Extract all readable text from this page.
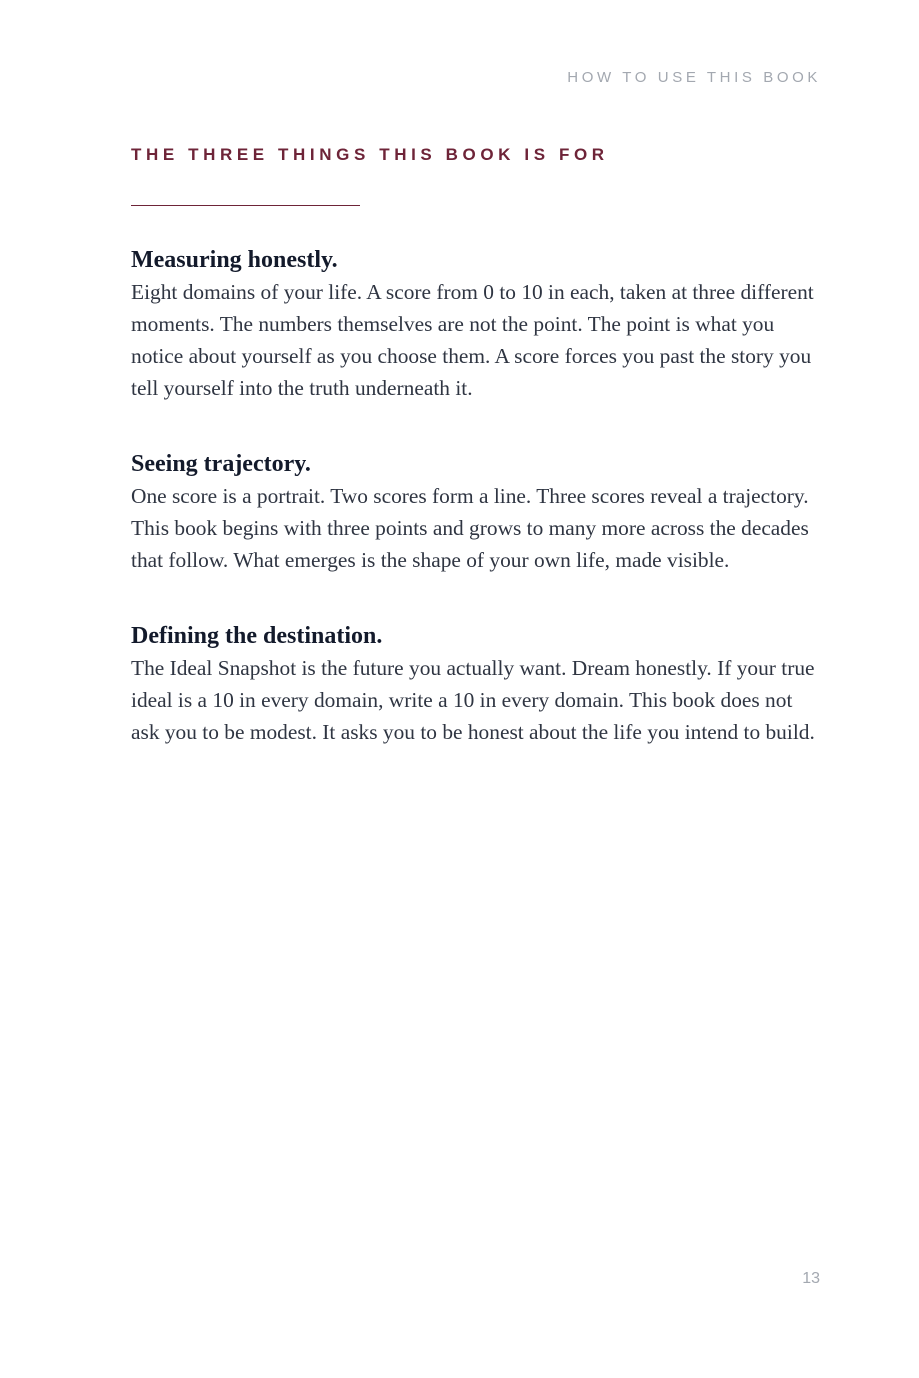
HOW TO USE THIS BOOK
THE THREE THINGS THIS BOOK IS FOR

Measuring honestly.

Eight domains of your life. A score from 0 to 10 in each, taken at three different moments. The numbers themselves are not the point. The point is what you notice about yourself as you choose them. A score forces you past the story you tell yourself into the truth underneath it.

Seeing trajectory.

One score is a portrait. Two scores form a line. Three scores reveal a trajectory. This book begins with three points and grows to many more across the decades that follow. What emerges is the shape of your own life, made visible.

Defining the destination.

The Ideal Snapshot is the future you actually want. Dream honestly. If your true ideal is a 10 in every domain, write a 10 in every domain. This book does not ask you to be modest. It asks you to be honest about the life you intend to build.

13
